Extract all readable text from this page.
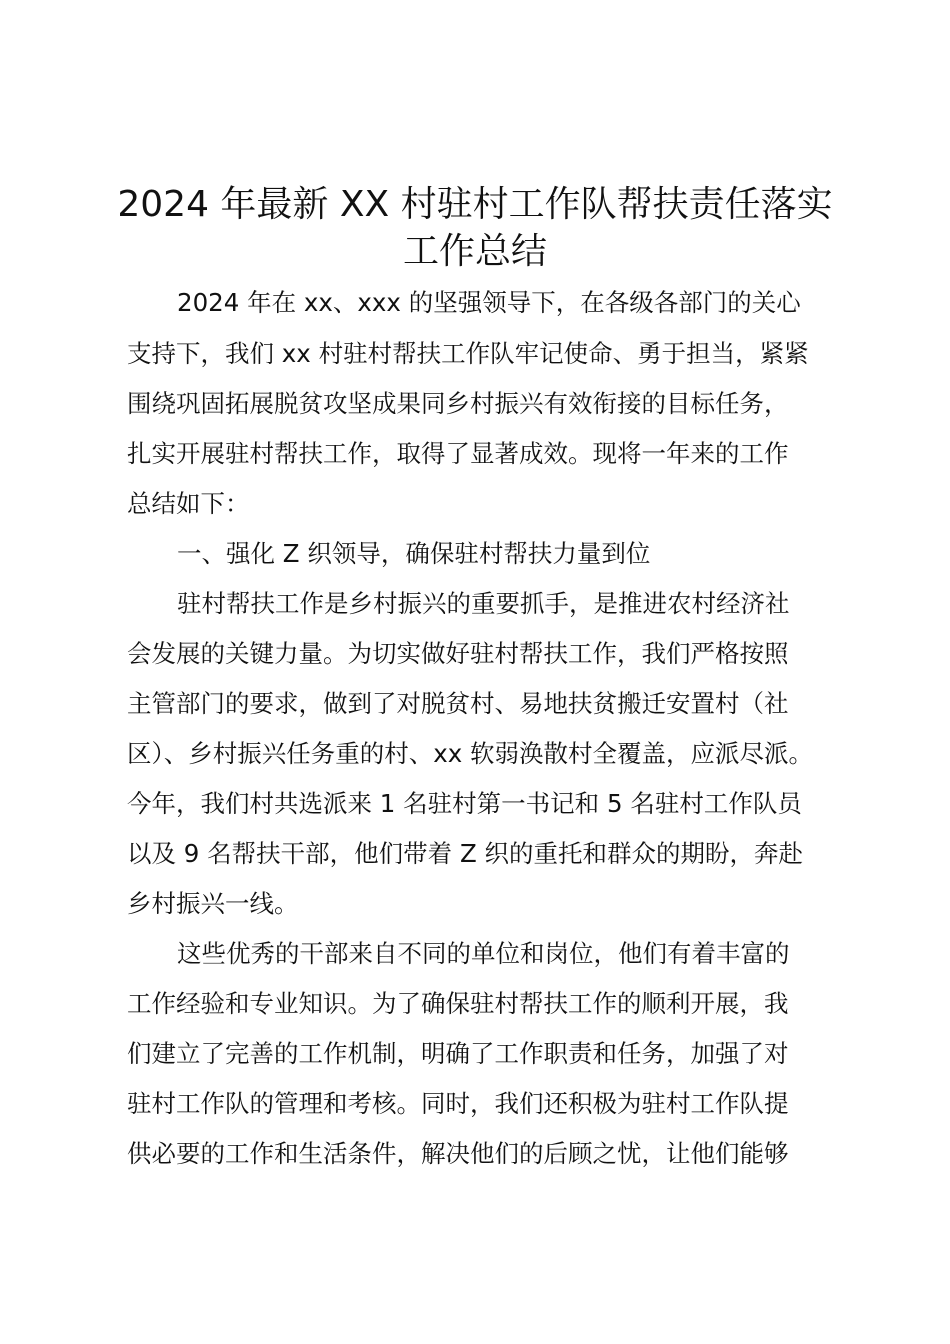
2024 年最新 XX 村驻村工作队帮扶责任落实
工作总结

2024 年在 xx、xxx 的坚强领导下，在各级各部门的关心

支持下，我们 xx 村驻村帮扶工作队牢记使命、勇于担当，紧紧

围绕巩固拓展脱贫攻坚成果同乡村振兴有效衔接的目标任务，

扎实开展驻村帮扶工作，取得了显著成效。现将一年来的工作

总结如下：

一、强化 Z 织领导，确保驻村帮扶力量到位

驻村帮扶工作是乡村振兴的重要抓手，是推进农村经济社

会发展的关键力量。为切实做好驻村帮扶工作，我们严格按照

主管部门的要求，做到了对脱贫村、易地扶贫搬迁安置村（社

区）、乡村振兴任务重的村、xx 软弱涣散村全覆盖，应派尽派。

今年，我们村共选派来 1 名驻村第一书记和 5 名驻村工作队员

以及 9 名帮扶干部，他们带着 Z 织的重托和群众的期盼，奔赴

乡村振兴一线。

这些优秀的干部来自不同的单位和岗位，他们有着丰富的

工作经验和专业知识。为了确保驻村帮扶工作的顺利开展，我

们建立了完善的工作机制，明确了工作职责和任务，加强了对

驻村工作队的管理和考核。同时，我们还积极为驻村工作队提

供必要的工作和生活条件，解决他们的后顾之忧，让他们能够
